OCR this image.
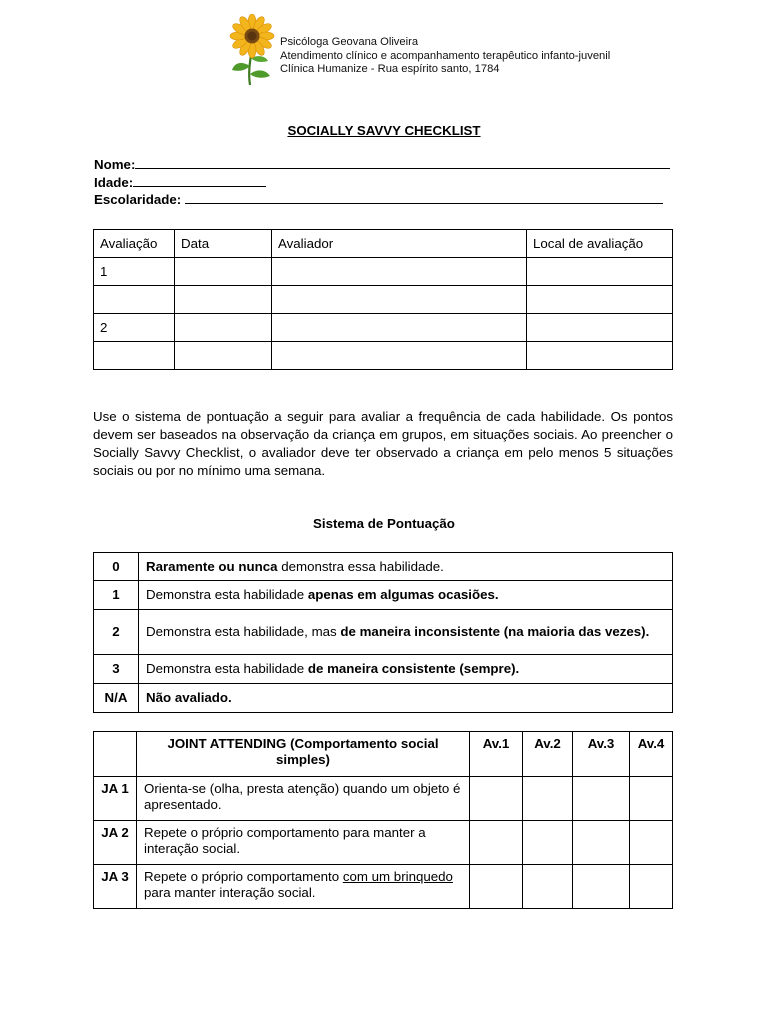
Psicóloga Geovana Oliveira
Atendimento clínico e acompanhamento terapêutico infanto-juvenil
Clínica Humanize - Rua espírito santo, 1784
SOCIALLY SAVVY CHECKLIST
Nome:
Idade:
Escolaridade:
Avaliação	Data	Avaliador	Local de avaliação
1			

2			

Use o sistema de pontuação a seguir para avaliar a frequência de cada habilidade. Os pontos devem ser baseados na observação da criança em grupos, em situações sociais. Ao preencher o Socially Savvy Checklist, o avaliador deve ter observado a criança em pelo menos 5 situações sociais ou por no mínimo uma semana.
Sistema de Pontuação
0	Raramente ou nunca demonstra essa habilidade.
1	Demonstra esta habilidade apenas em algumas ocasiões.
2	Demonstra esta habilidade, mas de maneira inconsistente (na maioria das vezes).
3	Demonstra esta habilidade de maneira consistente (sempre).
N/A	Não avaliado.
	JOINT ATTENDING (Comportamento social simples)	Av.1	Av.2	Av.3	Av.4
JA 1	Orienta-se (olha, presta atenção) quando um objeto é apresentado.				
JA 2	Repete o próprio comportamento para manter a interação social.				
JA 3	Repete o próprio comportamento com um brinquedo para manter interação social.				
